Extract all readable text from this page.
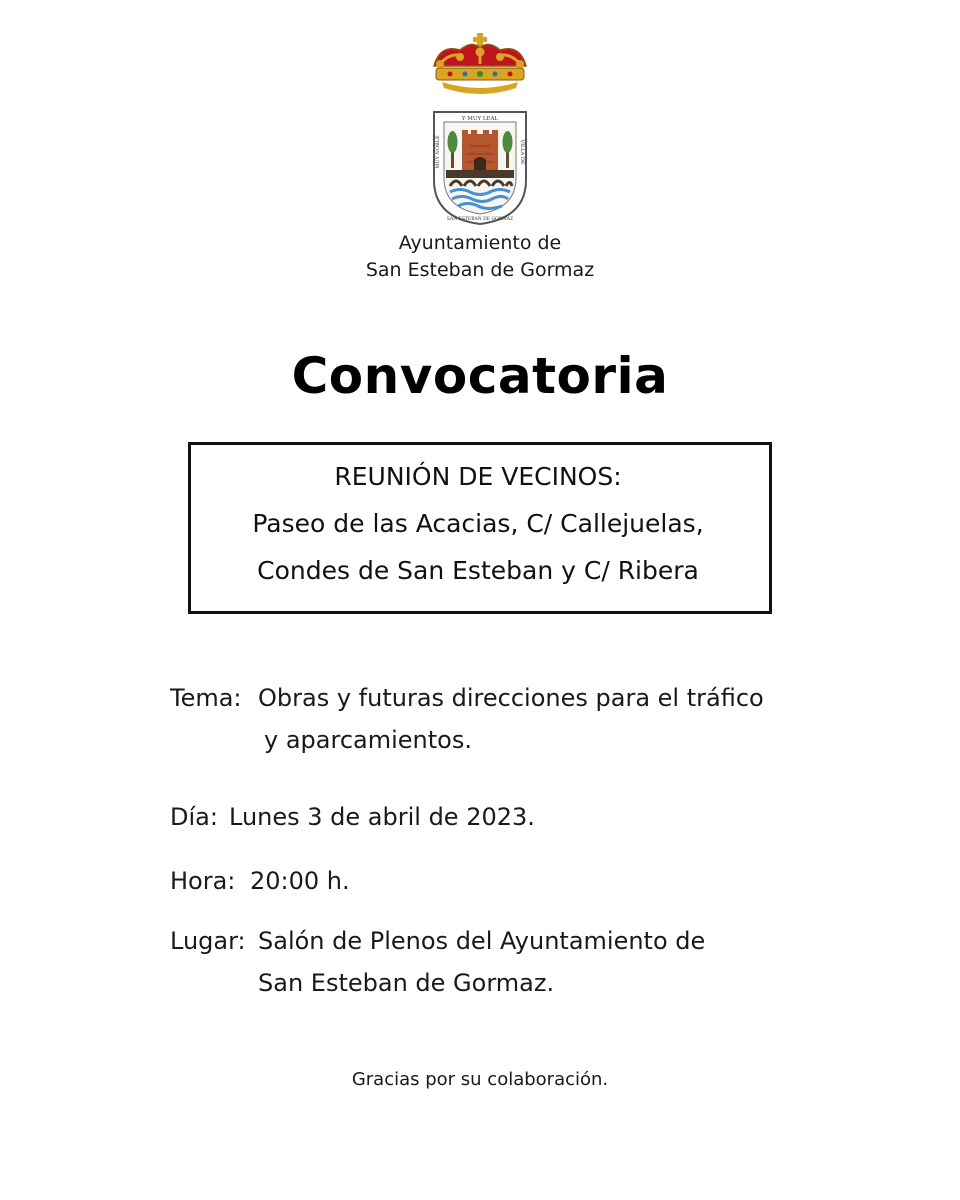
Y MUY LEAL
MUY NOBLE	VILLA DE
SAN ESTEBAN DE GORMAZ
Ayuntamiento de
San Esteban de Gormaz
Convocatoria
REUNIÓN DE VECINOS:
Paseo de las Acacias, C/ Callejuelas,
Condes de San Esteban y C/ Ribera
Tema: Obras y futuras direcciones para el tráfico
y aparcamientos.
Día: Lunes 3 de abril de 2023.
Hora: 20:00 h.
Lugar: Salón de Plenos del Ayuntamiento de
San Esteban de Gormaz.
Gracias por su colaboración.
